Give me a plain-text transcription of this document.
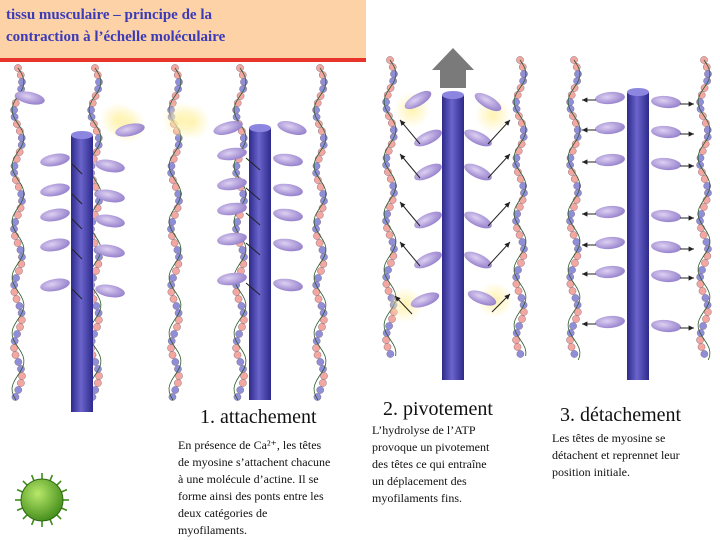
tissu musculaire – principe de la
contraction à l’échelle moléculaire
1. attachement	2. pivotement	3. détachement
En présence de Ca²⁺, les têtes
de myosine s’attachent chacune
à une molécule d’actine. Il se
forme ainsi des ponts entre les
deux catégories de
myofilaments.
L’hydrolyse de l’ATP
provoque un pivotement
des têtes ce qui entraîne
un déplacement des
myofilaments fins.
Les têtes de myosine se
détachent et reprennet leur
position initiale.
